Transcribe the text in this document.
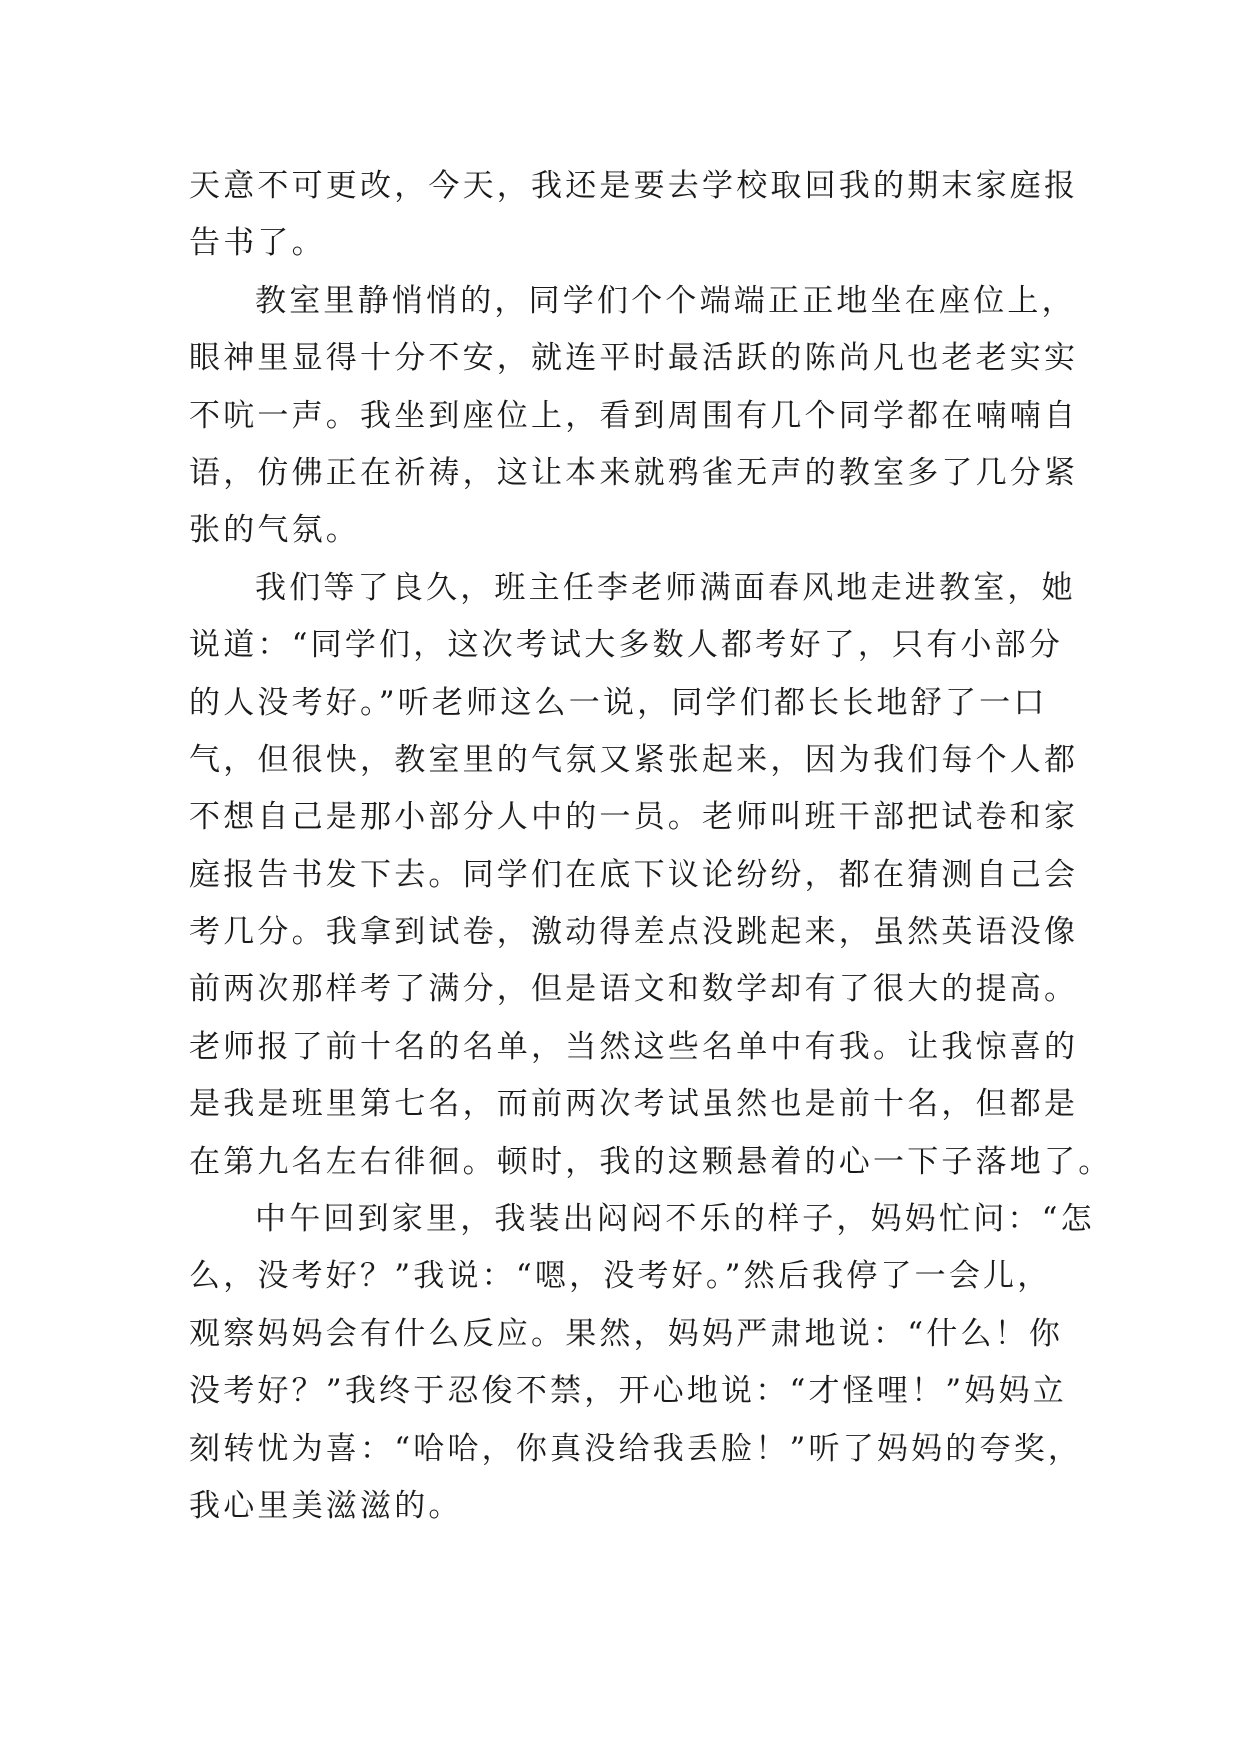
天意不可更改，今天，我还是要去学校取回我的期末家庭报
告书了。
教室里静悄悄的，同学们个个端端正正地坐在座位上，
眼神里显得十分不安，就连平时最活跃的陈尚凡也老老实实
不吭一声。我坐到座位上，看到周围有几个同学都在喃喃自
语，仿佛正在祈祷，这让本来就鸦雀无声的教室多了几分紧
张的气氛。
我们等了良久，班主任李老师满面春风地走进教室，她
说道：“同学们，这次考试大多数人都考好了，只有小部分
的人没考好。”听老师这么一说，同学们都长长地舒了一口
气，但很快，教室里的气氛又紧张起来，因为我们每个人都
不想自己是那小部分人中的一员。老师叫班干部把试卷和家
庭报告书发下去。同学们在底下议论纷纷，都在猜测自己会
考几分。我拿到试卷，激动得差点没跳起来，虽然英语没像
前两次那样考了满分，但是语文和数学却有了很大的提高。
老师报了前十名的名单，当然这些名单中有我。让我惊喜的
是我是班里第七名，而前两次考试虽然也是前十名，但都是
在第九名左右徘徊。顿时，我的这颗悬着的心一下子落地了。
中午回到家里，我装出闷闷不乐的样子，妈妈忙问：“怎
么，没考好？”我说：“嗯，没考好。”然后我停了一会儿，
观察妈妈会有什么反应。果然，妈妈严肃地说：“什么！你
没考好？”我终于忍俊不禁，开心地说：“才怪哩！”妈妈立
刻转忧为喜：“哈哈，你真没给我丢脸！”听了妈妈的夸奖，
我心里美滋滋的。
